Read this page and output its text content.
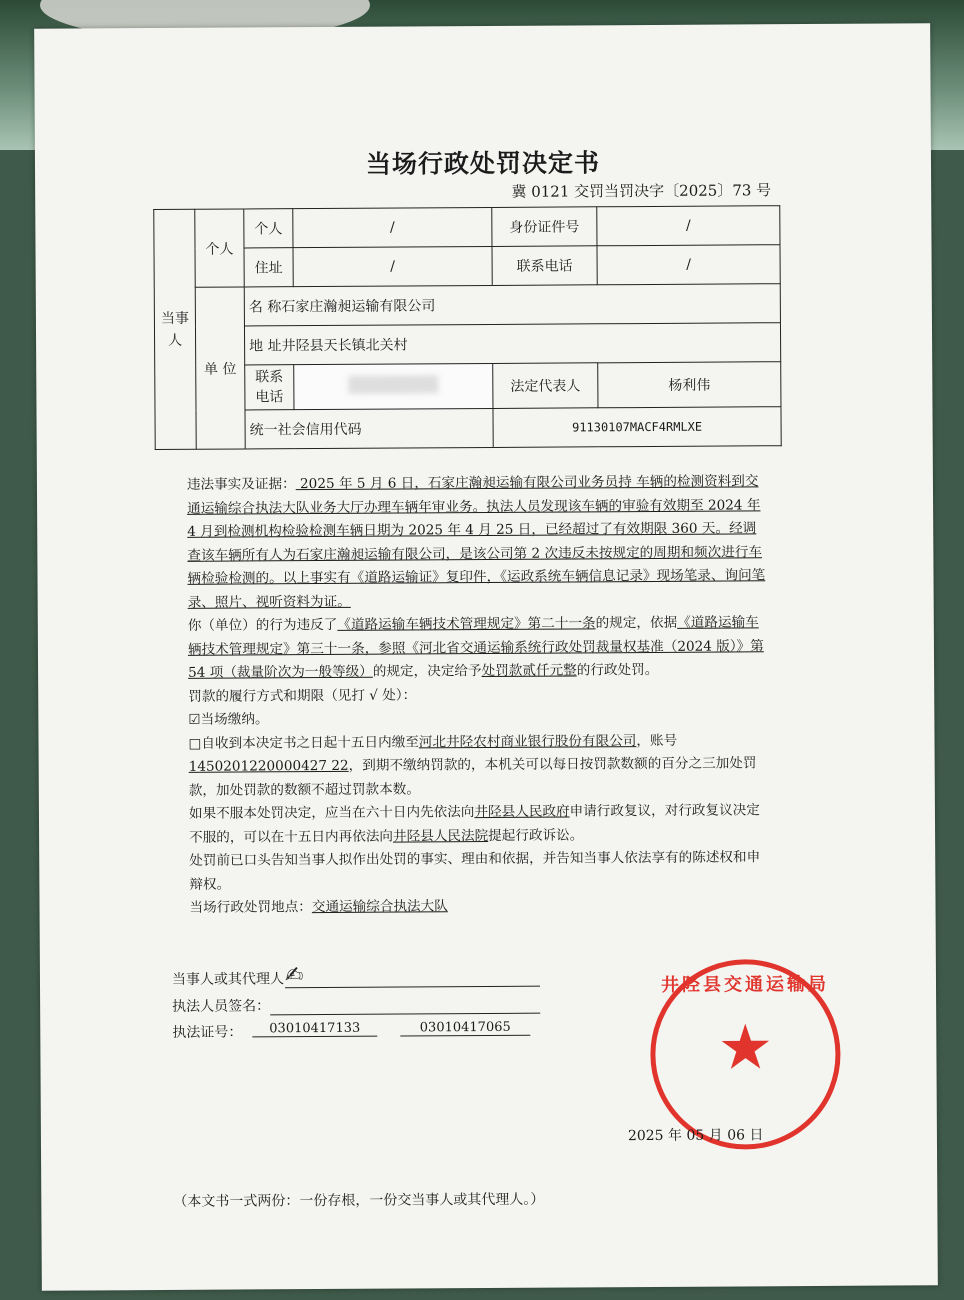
当场行政处罚决定书
冀 0121 交罚当罚决字〔2025〕73 号
当事人	个人	个人	/	身份证件号	/
		住址	/	联系电话	/
	单 位	名 称石家庄瀚昶运输有限公司			
		地 址井陉县天长镇北关村			
		联系电话		法定代表人	杨利伟
		统一社会信用代码		91130107MACF4RMLXE	

违法事实及证据： 2025 年 5 月 6 日，石家庄瀚昶运输有限公司业务员持 车辆的检测资料到交通运输综合执法大队业务大厅办理车辆年审业务。执法人员发现该车辆的审验有效期至 2024 年 4 月到检测机构检验检测车辆日期为 2025 年 4 月 25 日，已经超过了有效期限 360 天。经调查该车辆所有人为石家庄瀚昶运输有限公司，是该公司第 2 次违反未按规定的周期和频次进行车辆检验检测的。以上事实有《道路运输证》复印件，《运政系统车辆信息记录》现场笔录、询问笔录、照片、视听资料为证。

你（单位）的行为违反了《道路运输车辆技术管理规定》第二十一条的规定，依据《道路运输车辆技术管理规定》第三十一条，参照《河北省交通运输系统行政处罚裁量权基准（2024 版）》第 54 项（裁量阶次为一般等级）的规定，决定给予处罚款贰仟元整的行政处罚。

罚款的履行方式和期限（见打 √ 处）：

☑当场缴纳。

□自收到本决定书之日起十五日内缴至河北井陉农村商业银行股份有限公司，账号1450201220000427 22，到期不缴纳罚款的，本机关可以每日按罚款数额的百分之三加处罚款，加处罚款的数额不超过罚款本数。

如果不服本处罚决定，应当在六十日内先依法向井陉县人民政府申请行政复议，对行政复议决定不服的，可以在十五日内再依法向井陉县人民法院提起行政诉讼。

处罚前已口头告知当事人拟作出处罚的事实、理由和依据，并告知当事人依法享有的陈述权和申辩权。

当场行政处罚地点：交通运输综合执法大队

当事人或其代理人 ✍
执法人员签名：
执法证号：	03010417133	03010417065
井陉县交通运输局
★
2025 年 05 月 06 日
（本文书一式两份：一份存根，一份交当事人或其代理人。）
